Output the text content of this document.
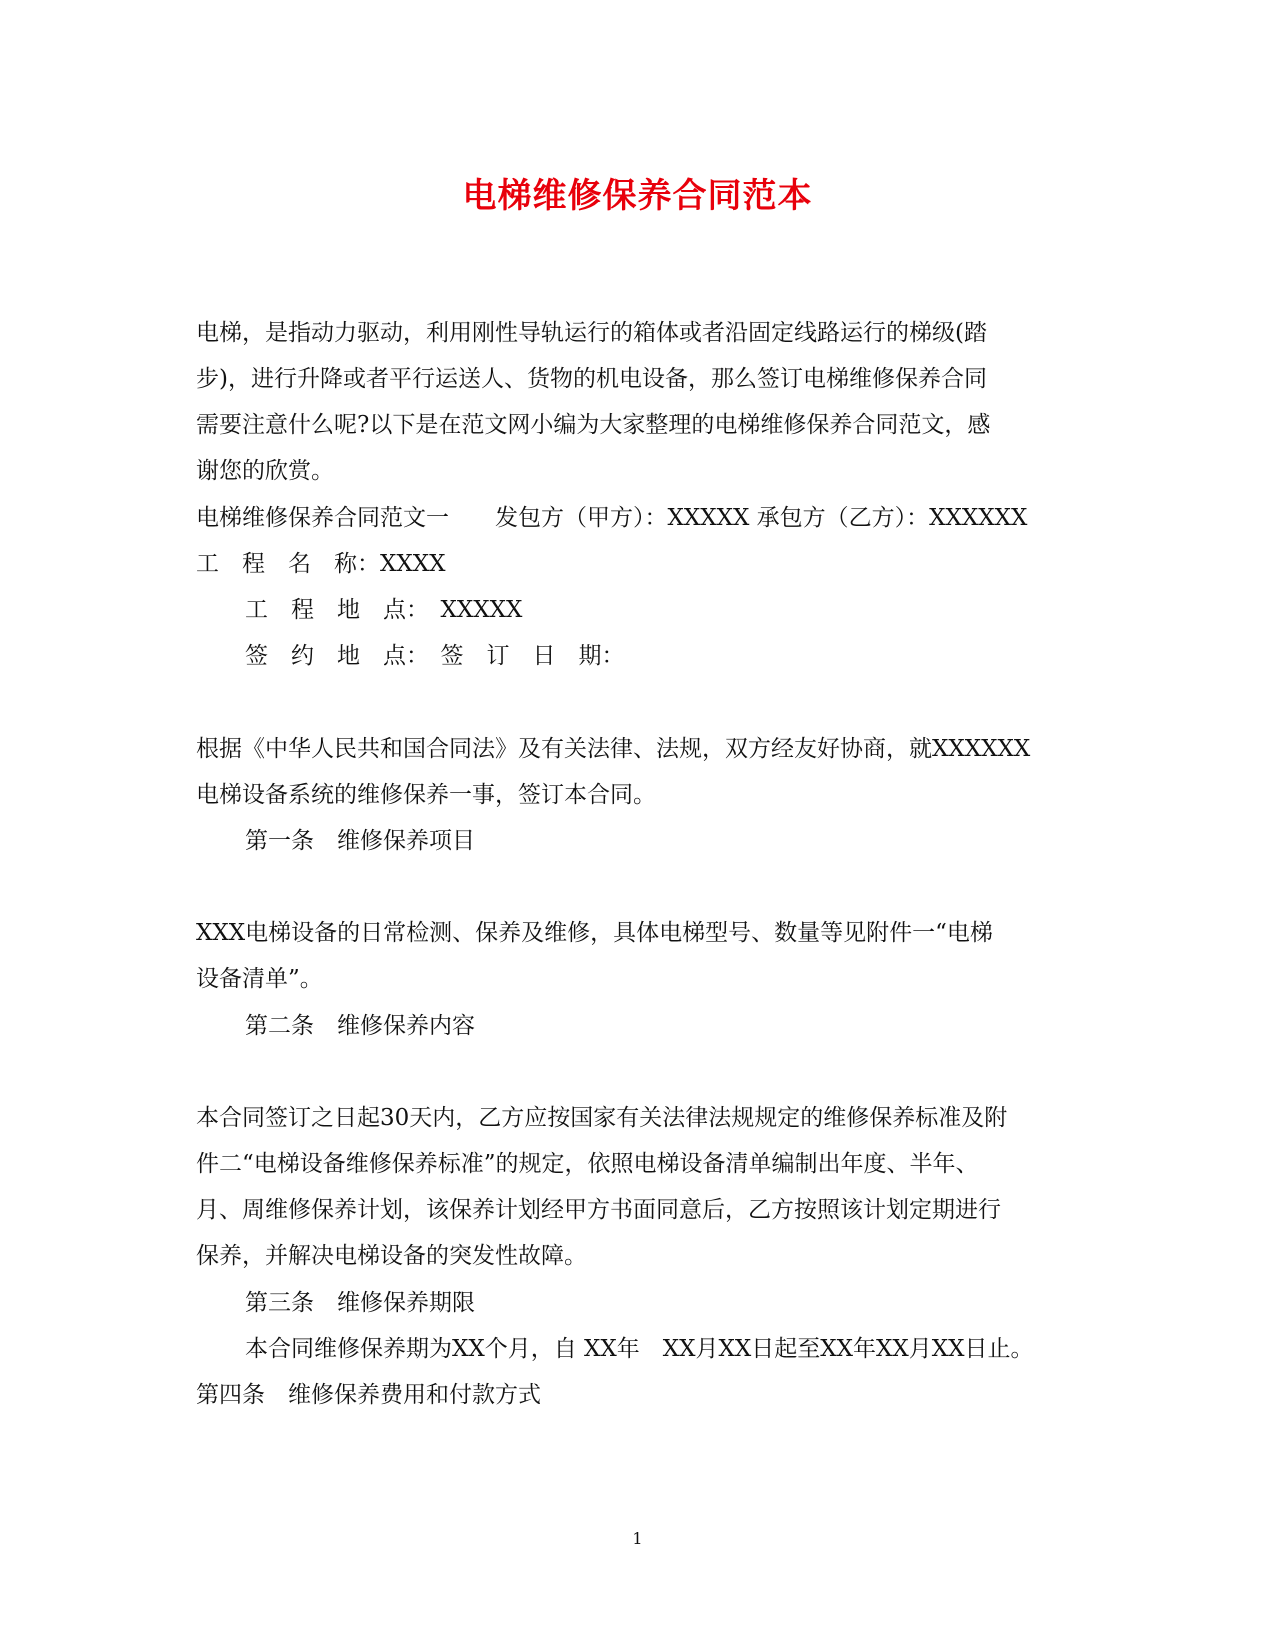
电梯维修保养合同范本
电梯，是指动力驱动，利用刚性导轨运行的箱体或者沿固定线路运行的梯级(踏
步)，进行升降或者平行运送人、货物的机电设备，那么签订电梯维修保养合同
需要注意什么呢?以下是在范文网小编为大家整理的电梯维修保养合同范文，感
谢您的欣赏。
电梯维修保养合同范文一　　发包方（甲方）：XXXXX 承包方（乙方）：XXXXXX
工　程　名　称：XXXX
工　程　地　点：　XXXXX
签　约　地　点：　签　订　日　期：
根据《中华人民共和国合同法》及有关法律、法规，双方经友好协商，就XXXXXX
电梯设备系统的维修保养一事，签订本合同。
第一条　维修保养项目
XXX电梯设备的日常检测、保养及维修，具体电梯型号、数量等见附件一“电梯
设备清单”。
第二条　维修保养内容
本合同签订之日起30天内，乙方应按国家有关法律法规规定的维修保养标准及附
件二“电梯设备维修保养标准”的规定，依照电梯设备清单编制出年度、半年、
月、周维修保养计划，该保养计划经甲方书面同意后，乙方按照该计划定期进行
保养，并解决电梯设备的突发性故障。
第三条　维修保养期限
本合同维修保养期为XX个月，自 XX年　XX月XX日起至XX年XX月XX日止。
第四条　维修保养费用和付款方式
1
